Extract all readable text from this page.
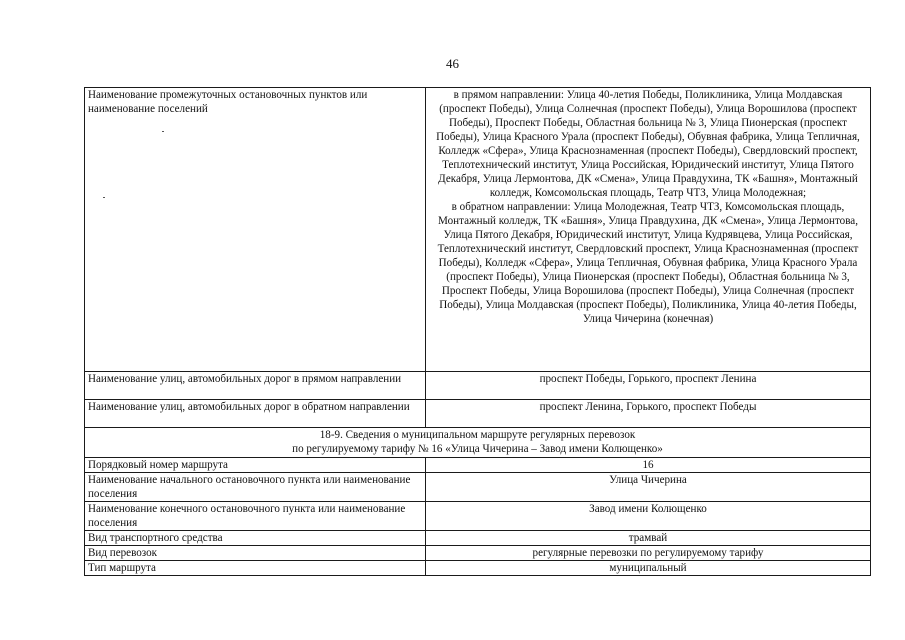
46
Наименование промежуточных остановочных пунктов или наименование поселений	в прямом направлении: Улица 40-летия Победы, Поликлиника, Улица Молдавская (проспект Победы), Улица Солнечная (проспект Победы), Улица Ворошилова (проспект Победы), Проспект Победы, Областная больница № 3, Улица Пионерская (проспект Победы), Улица Красного Урала (проспект Победы), Обувная фабрика, Улица Тепличная, Колледж «Сфера», Улица Краснознаменная (проспект Победы), Свердловский проспект, Теплотехнический институт, Улица Российская, Юридический институт, Улица Пятого Декабря, Улица Лермонтова, ДК «Смена», Улица Правдухина, ТК «Башня», Монтажный колледж, Комсомольская площадь, Театр ЧТЗ, Улица Молодежная;
в обратном направлении: Улица Молодежная, Театр ЧТЗ, Комсомольская площадь, Монтажный колледж, ТК «Башня», Улица Правдухина, ДК «Смена», Улица Лермонтова, Улица Пятого Декабря, Юридический институт, Улица Кудрявцева, Улица Российская, Теплотехнический институт, Свердловский проспект, Улица Краснознаменная (проспект Победы), Колледж «Сфера», Улица Тепличная, Обувная фабрика, Улица Красного Урала (проспект Победы), Улица Пионерская (проспект Победы), Областная больница № 3, Проспект Победы, Улица Ворошилова (проспект Победы), Улица Солнечная (проспект Победы), Улица Молдавская (проспект Победы), Поликлиника, Улица 40-летия Победы, Улица Чичерина (конечная)

Наименование улиц, автомобильных дорог в прямом направлении	проспект Победы, Горького, проспект Ленина
Наименование улиц, автомобильных дорог в обратном направлении	проспект Ленина, Горького, проспект Победы

18-9. Сведения о муниципальном маршруте регулярных перевозок
по регулируемому тарифу № 16 «Улица Чичерина – Завод имени Колющенко»	

Порядковый номер маршрута	16
Наименование начального остановочного пункта или наименование поселения	Улица Чичерина
Наименование конечного остановочного пункта или наименование поселения	Завод имени Колющенко
Вид транспортного средства	трамвай
Вид перевозок	регулярные перевозки по регулируемому тарифу
Тип маршрута	муниципальный
